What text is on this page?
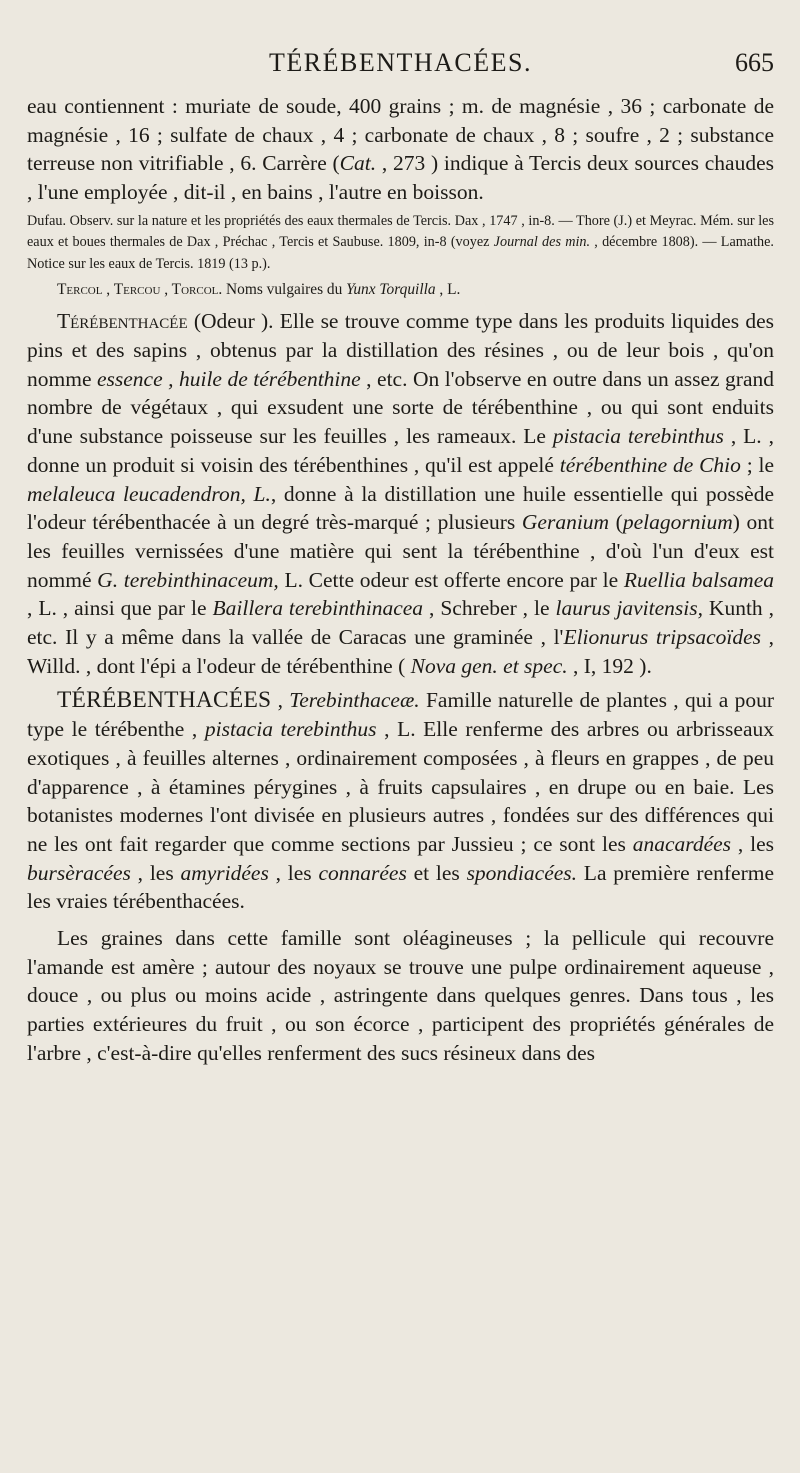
TÉRÉBENTHACÉES.	665

eau contiennent : muriate de soude, 400 grains ; m. de magnésie , 36 ; carbonate de magnésie , 16 ; sulfate de chaux , 4 ; carbonate de chaux , 8 ; soufre , 2 ; substance terreuse non vitrifiable , 6. Carrère (Cat. , 273 ) indique à Tercis deux sources chaudes , l'une employée , dit-il , en bains , l'autre en boisson.

Dufau. Observ. sur la nature et les propriétés des eaux thermales de Tercis. Dax , 1747 , in-8. — Thore (J.) et Meyrac. Mém. sur les eaux et boues thermales de Dax , Préchac , Tercis et Saubuse. 1809, in-8 (voyez Journal des min. , décembre 1808). — Lamathe. Notice sur les eaux de Tercis. 1819 (13 p.).

Tercol , Tercou , Torcol. Noms vulgaires du Yunx Torquilla , L.

Térébenthacée (Odeur ). Elle se trouve comme type dans les produits liquides des pins et des sapins , obtenus par la distillation des résines , ou de leur bois , qu'on nomme essence , huile de térébenthine , etc. On l'observe en outre dans un assez grand nombre de végétaux , qui exsudent une sorte de térébenthine , ou qui sont enduits d'une substance poisseuse sur les feuilles , les rameaux. Le pistacia terebinthus , L. , donne un produit si voisin des térébenthines , qu'il est appelé térébenthine de Chio ; le melaleuca leucadendron, L., donne à la distillation une huile essentielle qui possède l'odeur térébenthacée à un degré très-marqué ; plusieurs Geranium (pelagornium) ont les feuilles vernissées d'une matière qui sent la térébenthine , d'où l'un d'eux est nommé G. terebinthinaceum, L. Cette odeur est offerte encore par le Ruellia balsamea , L. , ainsi que par le Baillera terebinthinacea , Schreber , le laurus javitensis, Kunth , etc. Il y a même dans la vallée de Caracas une graminée , l'Elionurus tripsacoïdes , Willd. , dont l'épi a l'odeur de térébenthine ( Nova gen. et spec. , I, 192 ).

TÉRÉBENTHACÉES , Terebinthaceæ. Famille naturelle de plantes , qui a pour type le térébenthe , pistacia terebinthus , L. Elle renferme des arbres ou arbrisseaux exotiques , à feuilles alternes , ordinairement composées , à fleurs en grappes , de peu d'apparence , à étamines pérygines , à fruits capsulaires , en drupe ou en baie. Les botanistes modernes l'ont divisée en plusieurs autres , fondées sur des différences qui ne les ont fait regarder que comme sections par Jussieu ; ce sont les anacardées , les bursèracées , les amyridées , les connarées et les spondiacées. La première renferme les vraies térébenthacées.

Les graines dans cette famille sont oléagineuses ; la pellicule qui recouvre l'amande est amère ; autour des noyaux se trouve une pulpe ordinairement aqueuse , douce , ou plus ou moins acide , astringente dans quelques genres. Dans tous , les parties extérieures du fruit , ou son écorce , participent des propriétés générales de l'arbre , c'est-à-dire qu'elles renferment des sucs résineux dans des
